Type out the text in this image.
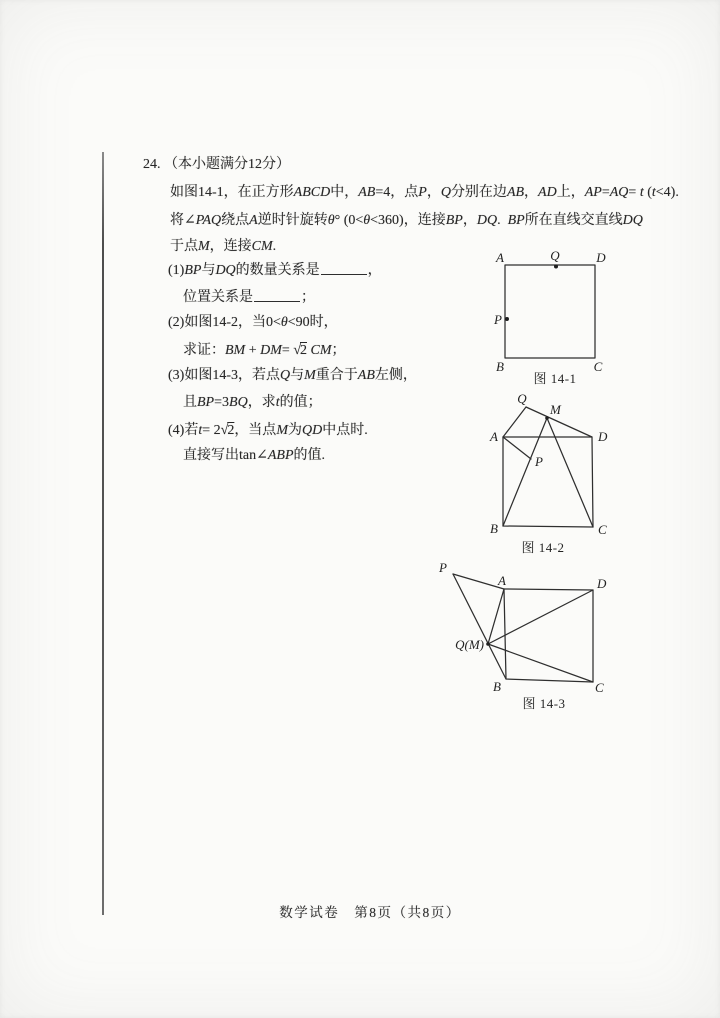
24. （本小题满分12分）
如图14-1，在正方形ABCD中，AB=4，点P，Q分别在边AB，AD上，AP=AQ= t (t<4).
将∠PAQ绕点A逆时针旋转θ° (0<θ<360)，连接BP，DQ.  BP所在直线交直线DQ
于点M，连接CM.
(1)BP与DQ的数量关系是	，
位置关系是	；
(2)如图14-2，当0<θ<90时，
求证：BM + DM= √2 CM；
(3)如图14-3，若点Q与M重合于AB左侧，
且BP=3BQ，求t的值；
(4)若t= 2√2，当点M为QD中点时.
直接写出tan∠ABP的值.
A	Q	D
P
B	C
图 14-1
Q
M
A	D
P
B	C
图 14-2
P
A	D
Q(M)
B	C
图 14-3
数学试卷　第8页（共8页）
